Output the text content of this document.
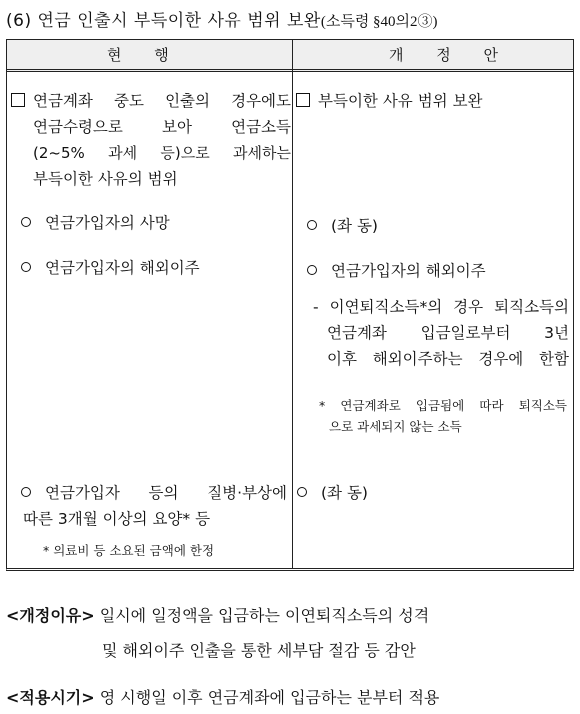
(6) 연금 인출시 부득이한 사유 범위 보완(소득령 §40의2③)
현 행	개 정 안
연금계좌 중도 인출의 경우에도
연금수령으로 보아 연금소득
(2~5% 과세 등)으로 과세하는
부득이한 사유의 범위
연금가입자의 사망
연금가입자의 해외이주
연금가입자 등의 질병·부상에
따른 3개월 이상의 요양* 등
* 의료비 등 소요된 금액에 한정
부득이한 사유 범위 보완
(좌 동)
연금가입자의 해외이주
- 이연퇴직소득*의 경우 퇴직소득의
연금계좌 입금일로부터 3년
이후 해외이주하는 경우에 한함
* 연금계좌로 입금됨에 따라 퇴직소득
으로 과세되지 않는 소득
(좌 동)
<개정이유> 일시에 일정액을 입금하는 이연퇴직소득의 성격
및 해외이주 인출을 통한 세부담 절감 등 감안
<적용시기> 영 시행일 이후 연금계좌에 입금하는 분부터 적용
